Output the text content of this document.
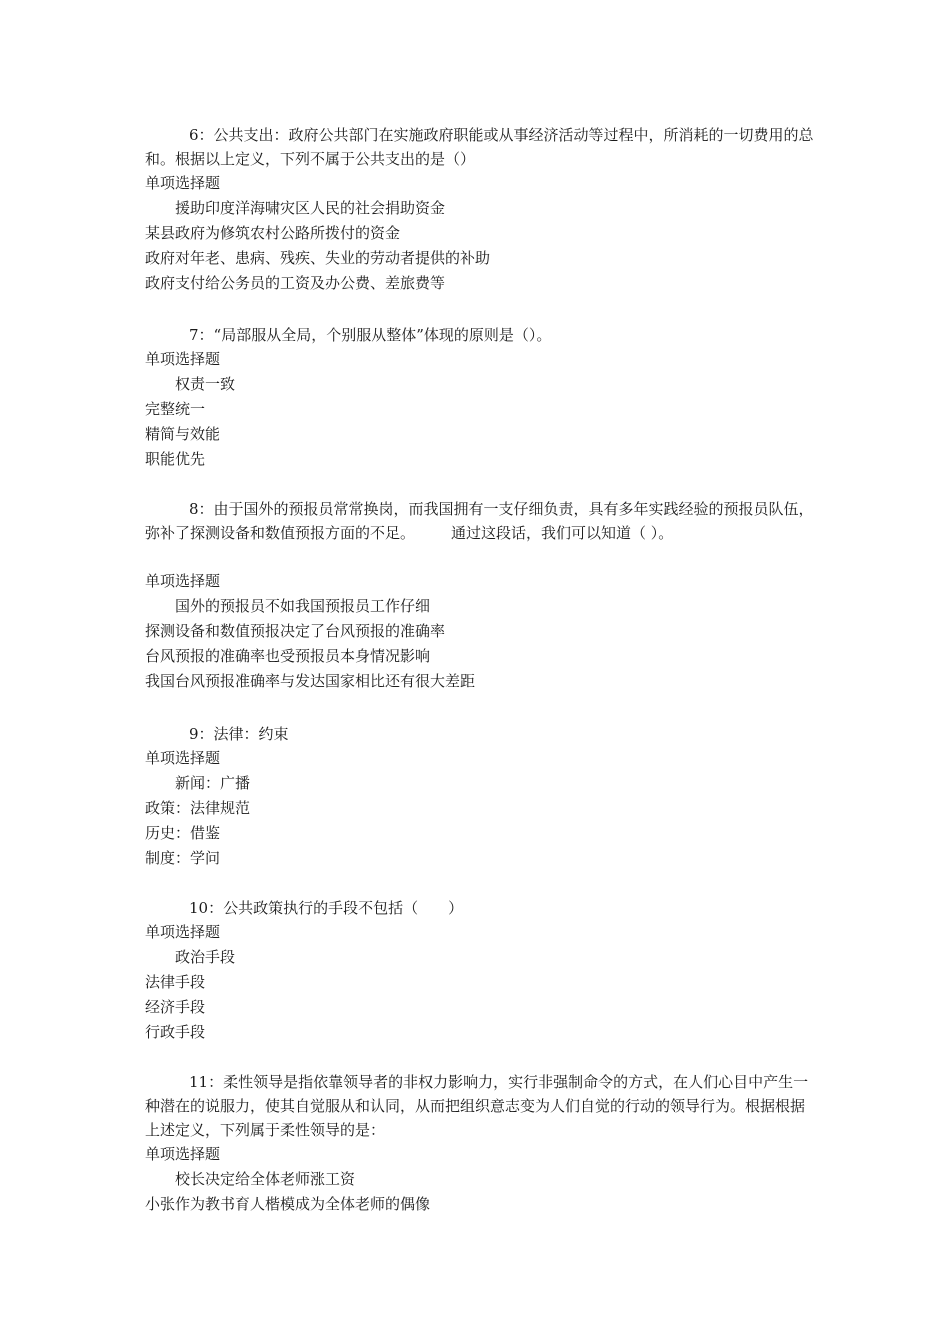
6：公共支出：政府公共部门在实施政府职能或从事经济活动等过程中，所消耗的一切费用的总和。根据以上定义，下列不属于公共支出的是（）

单项选择题

援助印度洋海啸灾区人民的社会捐助资金

某县政府为修筑农村公路所拨付的资金

政府对年老、患病、残疾、失业的劳动者提供的补助

政府支付给公务员的工资及办公费、差旅费等

7：“局部服从全局，个别服从整体”体现的原则是（）。

单项选择题

权责一致

完整统一

精简与效能

职能优先

8：由于国外的预报员常常换岗，而我国拥有一支仔细负责，具有多年实践经验的预报员队伍，弥补了探测设备和数值预报方面的不足。 通过这段话，我们可以知道（ ）。

单项选择题

国外的预报员不如我国预报员工作仔细

探测设备和数值预报决定了台风预报的准确率

台风预报的准确率也受预报员本身情况影响

我国台风预报准确率与发达国家相比还有很大差距

9：法律：约束

单项选择题

新闻：广播

政策：法律规范

历史：借鉴

制度：学问

10：公共政策执行的手段不包括（　　）

单项选择题

政治手段

法律手段

经济手段

行政手段

11：柔性领导是指依靠领导者的非权力影响力，实行非强制命令的方式，在人们心目中产生一种潜在的说服力，使其自觉服从和认同，从而把组织意志变为人们自觉的行动的领导行为。根据根据上述定义，下列属于柔性领导的是：

单项选择题

校长决定给全体老师涨工资

小张作为教书育人楷模成为全体老师的偶像
